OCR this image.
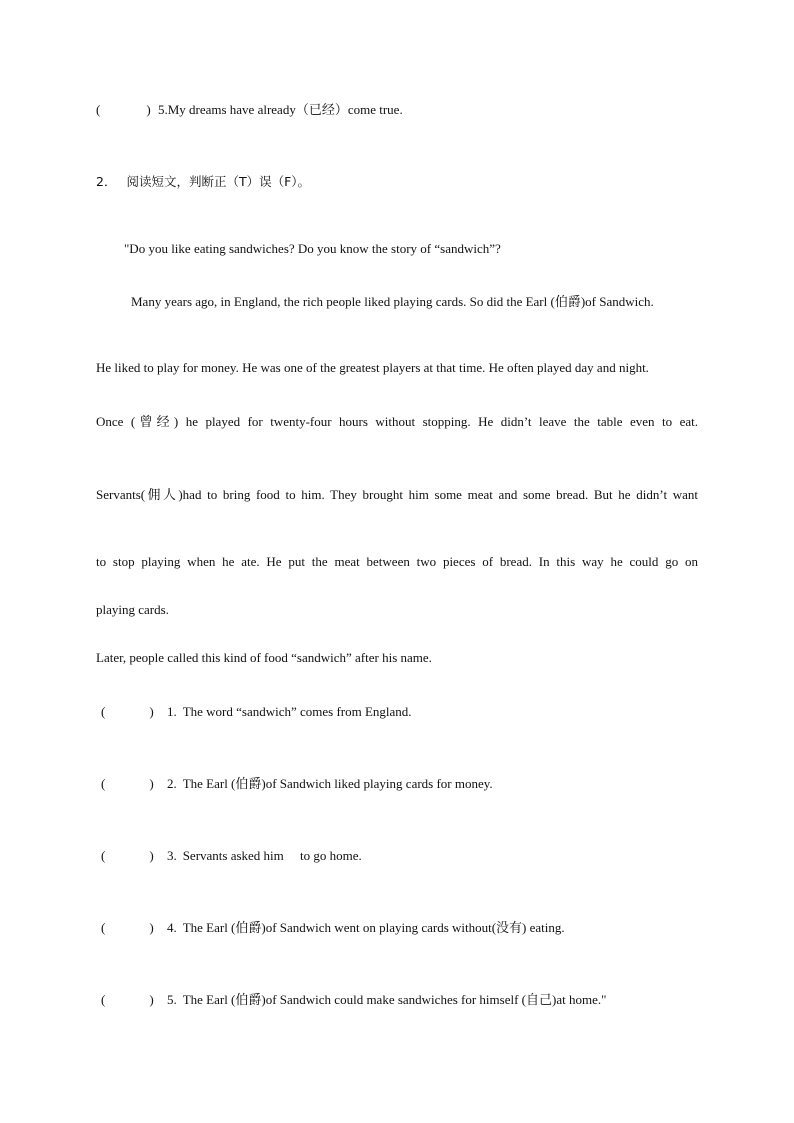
(	) 5.My dreams have already（已经）come true.
2． 阅读短文，判断正（T）误（F）。
"Do you like eating sandwiches? Do you know the story of “sandwich”?
Many years ago, in England, the rich people liked playing cards. So did the Earl (伯爵)of Sandwich.
He liked to play for money. He was one of the greatest players at that time. He often played day and night.
Once (曾经) he played for twenty-four hours without stopping. He didn’t leave the table even to eat.
Servants(佣人)had to bring food to him. They brought him some meat and some bread. But he didn’t want
to stop playing when he ate. He put the meat between two pieces of bread. In this way he could go on
playing cards.
Later, people called this kind of food “sandwich” after his name.
(	) 1. The word “sandwich” comes from England.
(	) 2. The Earl (伯爵)of Sandwich liked playing cards for money.
(	) 3. Servants asked him     to go home.
(	) 4. The Earl (伯爵)of Sandwich went on playing cards without(没有) eating.
(	) 5. The Earl (伯爵)of Sandwich could make sandwiches for himself (自己)at home."
